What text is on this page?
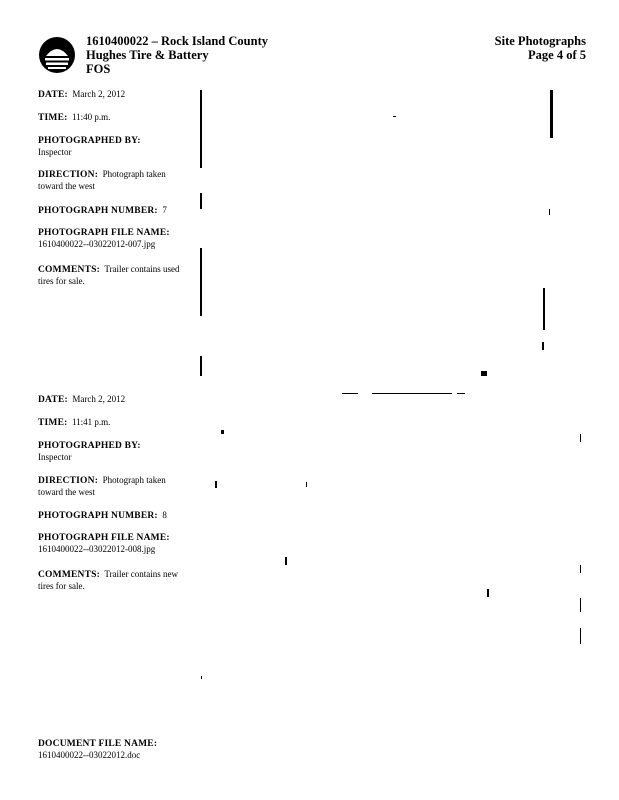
1610400022 – Rock Island County
Hughes Tire & Battery
FOS
Site Photographs
Page 4 of 5
DATE: March 2, 2012
TIME: 11:40 p.m.
PHOTOGRAPHED BY:
Inspector
DIRECTION: Photograph taken toward the west
PHOTOGRAPH NUMBER: 7
PHOTOGRAPH FILE NAME:
1610400022--03022012-007.jpg
COMMENTS: Trailer contains used tires for sale.
DATE: March 2, 2012
TIME: 11:41 p.m.
PHOTOGRAPHED BY:
Inspector
DIRECTION: Photograph taken toward the west
PHOTOGRAPH NUMBER: 8
PHOTOGRAPH FILE NAME:
1610400022--03022012-008.jpg
COMMENTS: Trailer contains new tires for sale.
DOCUMENT FILE NAME:
1610400022--03022012.doc
